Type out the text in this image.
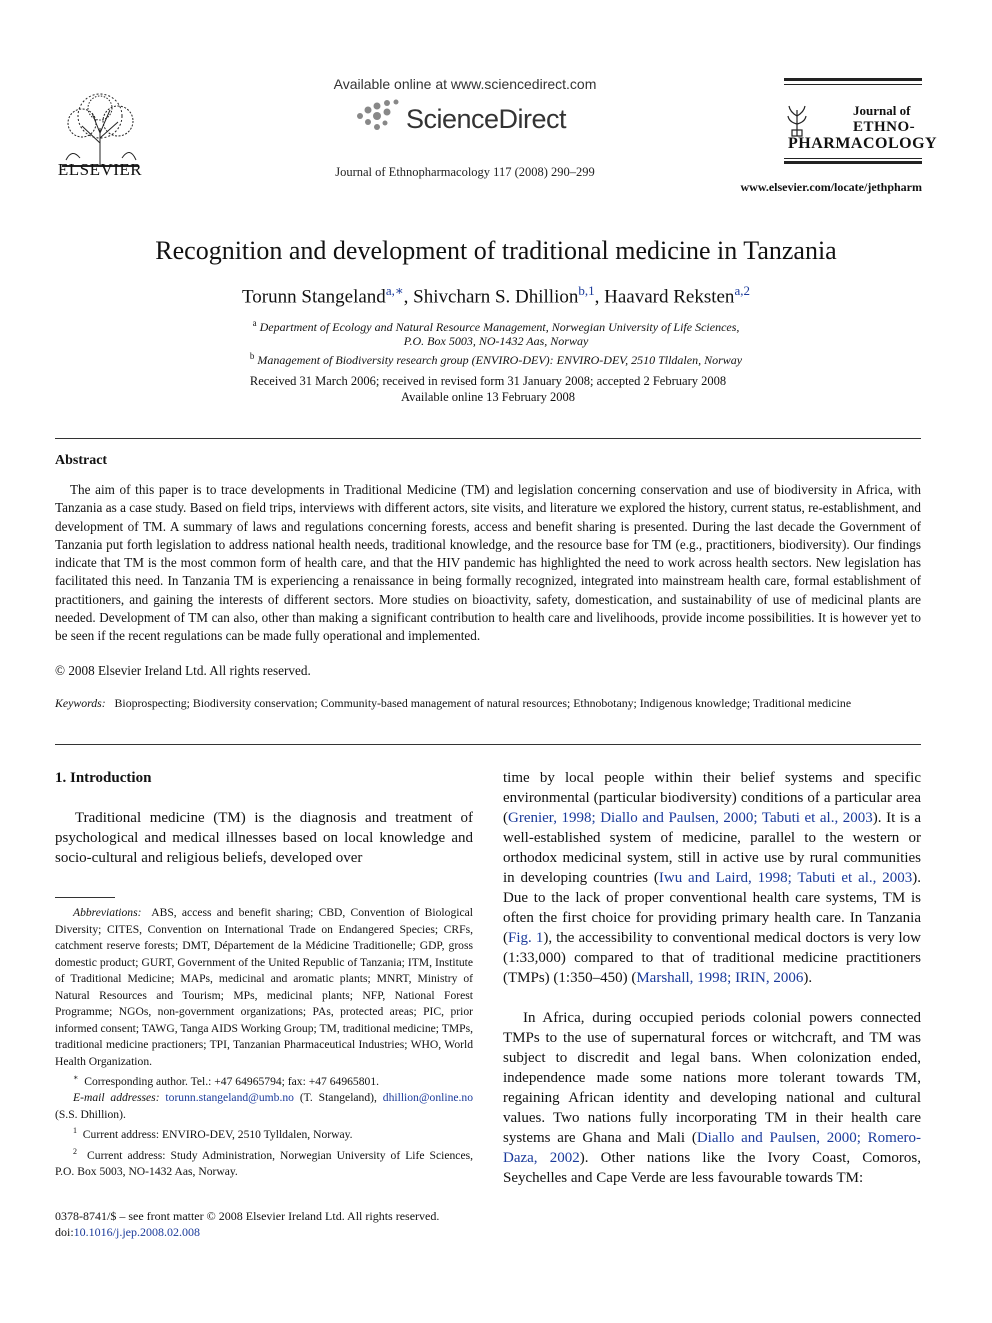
ELSEVIER
Available online at www.sciencedirect.com
ScienceDirect
Journal of Ethnopharmacology 117 (2008) 290–299
Journal of
ETHNO-
PHARMACOLOGY
www.elsevier.com/locate/jethpharm
Recognition and development of traditional medicine in Tanzania
Torunn Stangeland$^{a,∗}$, Shivcharn S. Dhillion$^{b,1}$, Haavard Reksten$^{a,2}$
$^a$ Department of Ecology and Natural Resource Management, Norwegian University of Life Sciences,
P.O. Box 5003, NO-1432 Aas, Norway
$^b$ Management of Biodiversity research group (ENVIRO-DEV): ENVIRO-DEV, 2510 Tlldalen, Norway
Received 31 March 2006; received in revised form 31 January 2008; accepted 2 February 2008
Available online 13 February 2008
Abstract
The aim of this paper is to trace developments in Traditional Medicine (TM) and legislation concerning conservation and use of biodiversity in Africa, with Tanzania as a case study. Based on field trips, interviews with different actors, site visits, and literature we explored the history, current status, re-establishment, and development of TM. A summary of laws and regulations concerning forests, access and benefit sharing is presented. During the last decade the Government of Tanzania put forth legislation to address national health needs, traditional knowledge, and the resource base for TM (e.g., practitioners, biodiversity). Our findings indicate that TM is the most common form of health care, and that the HIV pandemic has highlighted the need to work across health sectors. New legislation has facilitated this need. In Tanzania TM is experiencing a renaissance in being formally recognized, integrated into mainstream health care, formal establishment of practitioners, and gaining the interests of different sectors. More studies on bioactivity, safety, domestication, and sustainability of use of medicinal plants are needed. Development of TM can also, other than making a significant contribution to health care and livelihoods, provide income possibilities. It is however yet to be seen if the recent regulations can be made fully operational and implemented.
© 2008 Elsevier Ireland Ltd. All rights reserved.
Keywords: Bioprospecting; Biodiversity conservation; Community-based management of natural resources; Ethnobotany; Indigenous knowledge; Traditional medicine
1. Introduction
Traditional medicine (TM) is the diagnosis and treatment of psychological and medical illnesses based on local knowledge and socio-cultural and religious beliefs, developed over

Abbreviations: ABS, access and benefit sharing; CBD, Convention of Biological Diversity; CITES, Convention on International Trade on Endangered Species; CRFs, catchment reserve forests; DMT, Département de la Médicine Traditionelle; GDP, gross domestic product; GURT, Government of the United Republic of Tanzania; ITM, Institute of Traditional Medicine; MAPs, medicinal and aromatic plants; MNRT, Ministry of Natural Resources and Tourism; MPs, medicinal plants; NFP, National Forest Programme; NGOs, non-government organizations; PAs, protected areas; PIC, prior informed consent; TAWG, Tanga AIDS Working Group; TM, traditional medicine; TMPs, traditional medicine practioners; TPI, Tanzanian Pharmaceutical Industries; WHO, World Health Organization.

∗ Corresponding author. Tel.: +47 64965794; fax: +47 64965801.

E-mail addresses: torunn.stangeland@umb.no (T. Stangeland), dhillion@online.no (S.S. Dhillion).

$^1$ Current address: ENVIRO-DEV, 2510 Tylldalen, Norway.

$^2$ Current address: Study Administration, Norwegian University of Life Sciences, P.O. Box 5003, NO-1432 Aas, Norway.

0378-8741/$ – see front matter © 2008 Elsevier Ireland Ltd. All rights reserved.
doi:10.1016/j.jep.2008.02.008
time by local people within their belief systems and specific environmental (particular biodiversity) conditions of a particular area (Grenier, 1998; Diallo and Paulsen, 2000; Tabuti et al., 2003). It is a well-established system of medicine, parallel to the western or orthodox medicinal system, still in active use by rural communities in developing countries (Iwu and Laird, 1998; Tabuti et al., 2003). Due to the lack of proper conventional health care systems, TM is often the first choice for providing primary health care. In Tanzania (Fig. 1), the accessibility to conventional medical doctors is very low (1:33,000) compared to that of traditional medicine practitioners (TMPs) (1:350–450) (Marshall, 1998; IRIN, 2006).
In Africa, during occupied periods colonial powers connected TMPs to the use of supernatural forces or witchcraft, and TM was subject to discredit and legal bans. When colonization ended, independence made some nations more tolerant towards TM, regaining African identity and developing national and cultural values. Two nations fully incorporating TM in their health care systems are Ghana and Mali (Diallo and Paulsen, 2000; Romero-Daza, 2002). Other nations like the Ivory Coast, Comoros, Seychelles and Cape Verde are less favourable towards TM:
